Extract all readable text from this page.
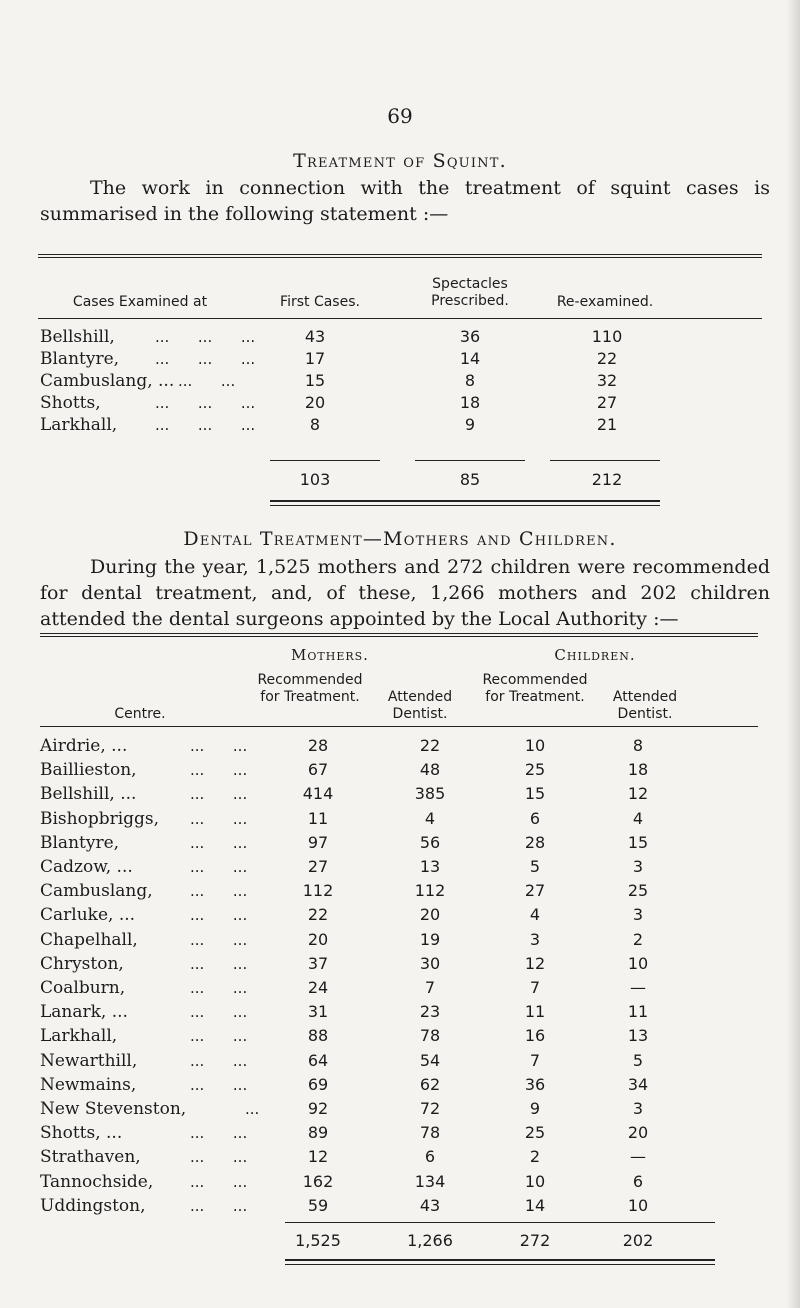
69
Treatment of Squint.
The work in connection with the treatment of squint cases is summarised in the following statement :—
Cases Examined at	First Cases.
Spectacles Prescribed.	Re-examined.
Bellshill,	...      ...      ...	43	36	110
Blantyre, ...      ...      ...	17	14	22
Cambuslang, ... ...      ...	15	8	32
Shotts,	...      ...      ...	20	18	27
Larkhall,	...      ...      ...	8	9	21
103	85	212
Dental Treatment—Mothers and Children.
During the year, 1,525 mothers and 272 children were recommended for dental treatment, and, of these, 1,266 mothers and 202 children attended the dental surgeons appointed by the Local Authority :—
Mothers.	Children.
Recommended for Treatment.	Attended Dentist.
Recommended for Treatment.	Attended Dentist.
Centre.
Airdrie, ...	...      ...	28	22	10	8
Baillieston,	...      ...	67	48	25	18
Bellshill, ...	...      ...	414	385	15	12
Bishopbriggs, ...      ...	11	4	6	4
Blantyre,	...      ...	97	56	28	15
Cadzow, ...	...      ...	27	13	5	3
Cambuslang, ...      ...	112	112	27	25
Carluke, ...	...      ...	22	20	4	3
Chapelhall,	...      ...	20	19	3	2
Chryston,	...      ...	37	30	12	10
Coalburn,	...      ...	24	7	7	—
Lanark, ...	...      ...	31	23	11	11
Larkhall,	...      ...	88	78	16	13
Newarthill,	...      ...	64	54	7	5
Newmains,	...      ...	69	62	36	34
New Stevenston,	...	92	72	9	3
Shotts, ...	...      ...	89	78	25	20
Strathaven,	...      ...	12	6	2	—
Tannochside, ...      ...	162	134	10	6
Uddingston,	...      ...	59	43	14	10
1,525	1,266	272	202
